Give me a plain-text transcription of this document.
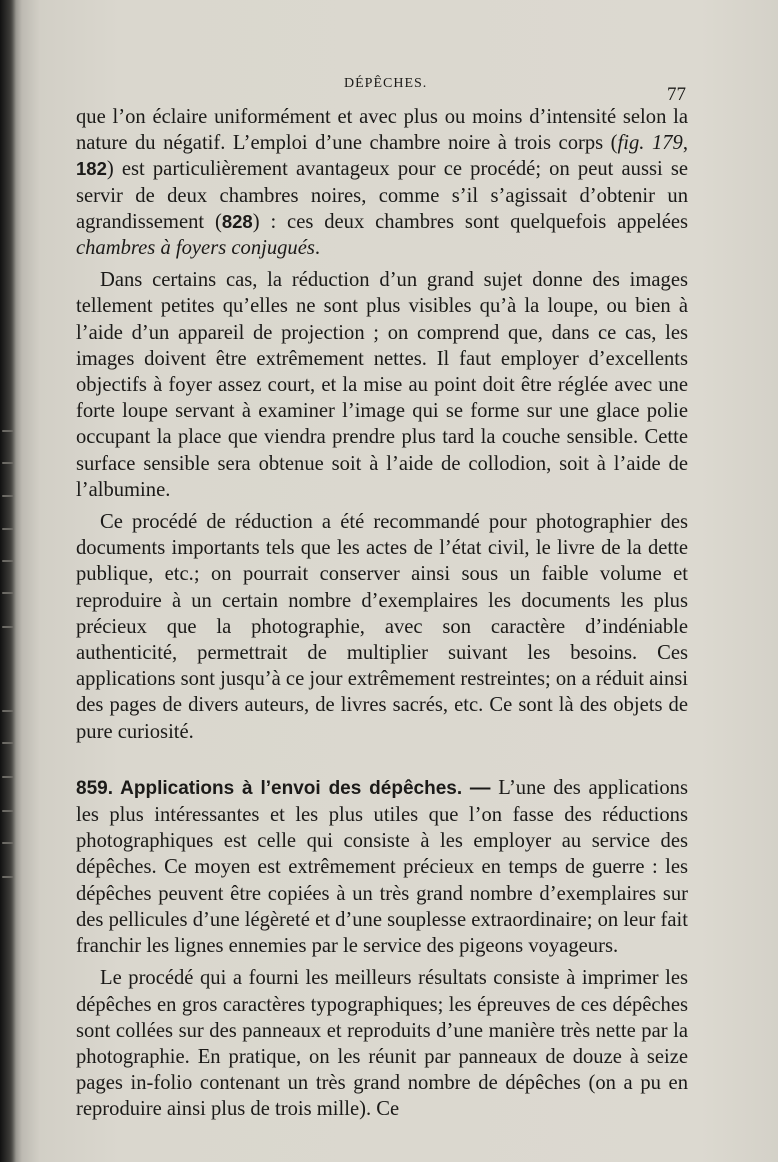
DÉPÊCHES.
77

que l’on éclaire uniformément et avec plus ou moins d’intensité selon la nature du négatif. L’emploi d’une chambre noire à trois corps (fig. 179, 182) est particulièrement avantageux pour ce procédé; on peut aussi se servir de deux chambres noires, comme s’il s’agissait d’obtenir un agrandissement (828) : ces deux chambres sont quelquefois appelées chambres à foyers conjugués.

Dans certains cas, la réduction d’un grand sujet donne des images tellement petites qu’elles ne sont plus visibles qu’à la loupe, ou bien à l’aide d’un appareil de projection ; on comprend que, dans ce cas, les images doivent être extrêmement nettes. Il faut employer d’excellents objectifs à foyer assez court, et la mise au point doit être réglée avec une forte loupe servant à examiner l’image qui se forme sur une glace polie occupant la place que viendra prendre plus tard la couche sensible. Cette surface sensible sera obtenue soit à l’aide de collodion, soit à l’aide de l’albumine.

Ce procédé de réduction a été recommandé pour photographier des documents importants tels que les actes de l’état civil, le livre de la dette publique, etc.; on pourrait conserver ainsi sous un faible volume et reproduire à un certain nombre d’exemplaires les documents les plus précieux que la photographie, avec son caractère d’indéniable authenticité, permettrait de multiplier suivant les besoins. Ces applications sont jusqu’à ce jour extrêmement restreintes; on a réduit ainsi des pages de divers auteurs, de livres sacrés, etc. Ce sont là des objets de pure curiosité.

859. Applications à l’envoi des dépêches. — L’une des applications les plus intéressantes et les plus utiles que l’on fasse des réductions photographiques est celle qui consiste à les employer au service des dépêches. Ce moyen est extrêmement précieux en temps de guerre : les dépêches peuvent être copiées à un très grand nombre d’exemplaires sur des pellicules d’une légèreté et d’une souplesse extraordinaire; on leur fait franchir les lignes ennemies par le service des pigeons voyageurs.

Le procédé qui a fourni les meilleurs résultats consiste à imprimer les dépêches en gros caractères typographiques; les épreuves de ces dépêches sont collées sur des panneaux et reproduits d’une manière très nette par la photographie. En pratique, on les réunit par panneaux de douze à seize pages in-folio contenant un très grand nombre de dépêches (on a pu en reproduire ainsi plus de trois mille). Ce
